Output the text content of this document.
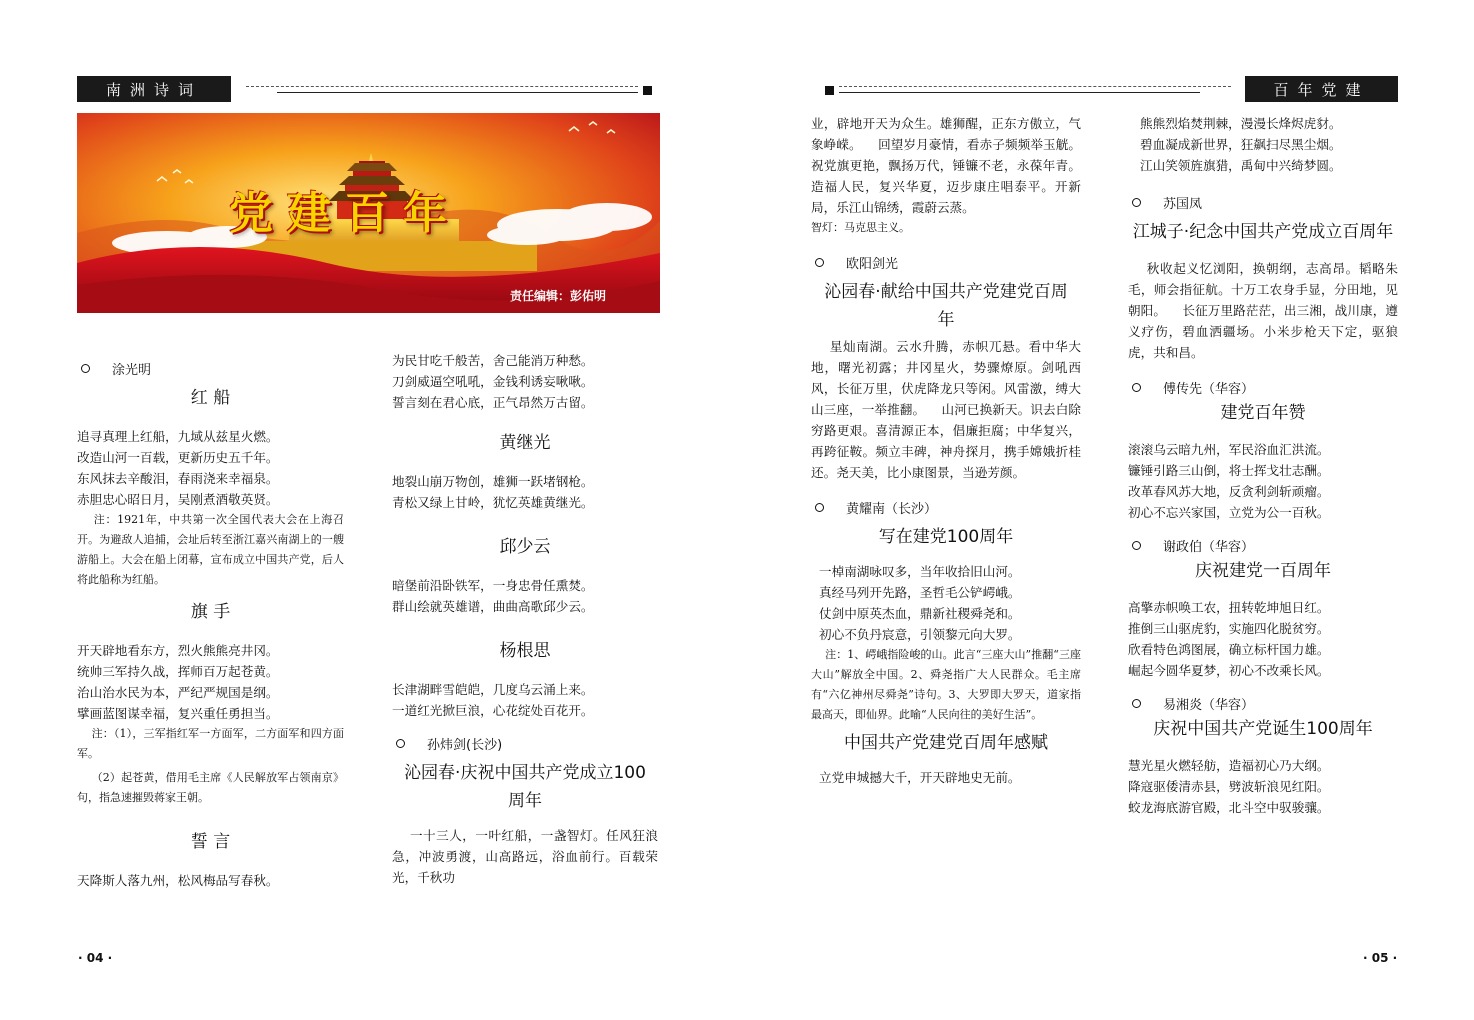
南洲诗词
党建百年
责任编辑：彭佑明
涂光明
红 船
追寻真理上红船，九域从兹星火燃。
改造山河一百载，更新历史五千年。
东风抹去辛酸泪，春雨浇来幸福泉。
赤胆忠心昭日月，吴刚煮酒敬英贤。
注：1921年，中共第一次全国代表大会在上海召开。为避敌人追捕，会址后转至浙江嘉兴南湖上的一艘游船上。大会在船上闭幕，宣布成立中国共产党，后人将此船称为红船。
旗 手
开天辟地看东方，烈火熊熊亮井冈。
统帅三军持久战，挥师百万起苍黄。
治山治水民为本，严纪严规国是纲。
擘画蓝图谋幸福，复兴重任勇担当。
注：（1），三军指红军一方面军，二方面军和四方面军。
（2）起苍黄，借用毛主席《人民解放军占领南京》句，指急速摧毁蒋家王朝。
誓 言
天降斯人落九州，松风梅品写春秋。
为民甘吃千般苦，舍己能消万种愁。
刀剑威逼空吼吼，金钱利诱妄啾啾。
誓言刻在君心底，正气昂然万古留。
黄继光
地裂山崩万物创，雄狮一跃堵钢枪。
青松又绿上甘岭，犹忆英雄黄继光。
邱少云
暗堡前沿卧铁军，一身忠骨任熏焚。
群山绘就英雄谱，曲曲高歌邱少云。
杨根思
长津湖畔雪皑皑，几度乌云涌上来。
一道红光掀巨浪，心花绽处百花开。
孙炜剑(长沙)
沁园春·庆祝中国共产党成立100周年
一十三人，一叶红船，一盏智灯。任风狂浪急，冲波勇渡，山高路远，浴血前行。百载荣光，千秋功
· 04 ·
百年党建
业，辟地开天为众生。雄狮醒，正东方傲立，气象峥嵘。    回望岁月豪情，看赤子频频举玉觥。祝党旗更艳，飘扬万代，锤镰不老，永葆年青。造福人民，复兴华夏，迈步康庄唱泰平。开新局，乐江山锦绣，霞蔚云蒸。
智灯：马克思主义。
欧阳剑光
沁园春·献给中国共产党建党百周年
星灿南湖。云水升腾，赤帜兀悬。看中华大地，曙光初露；井冈星火，势骤燎原。剑吼西风，长征万里，伏虎降龙只等闲。风雷激，缚大山三座，一举推翻。    山河已换新天。识去白除穷路更艰。喜清源正本，倡廉拒腐；中华复兴，再跨征鞍。频立丰碑，神舟探月，携手嫦娥折桂还。尧天美，比小康图景，当逊芳颜。
黄耀南（长沙）
写在建党100周年
一棹南湖咏叹多，当年收拾旧山河。
真经马列开先路，圣哲毛公铲崿峨。
仗剑中原英杰血，鼎新社稷舜尧和。
初心不负丹宸意，引领黎元向大罗。
注：1、崿峨指险峻的山。此言“三座大山”推翻“三座大山”解放全中国。2、舜尧指广大人民群众。毛主席有“六亿神州尽舜尧”诗句。3、大罗即大罗天，道家指最高天，即仙界。此喻“人民向往的美好生活”。
中国共产党建党百周年感赋
立党申城撼大千，开天辟地史无前。
熊熊烈焰焚荆棘，漫漫长烽烬虎豺。
碧血凝成新世界，狂飙扫尽黑尘烟。
江山笑领旌旗猎，禹甸中兴绮梦圆。
苏国凤
江城子·纪念中国共产党成立百周年
秋收起义忆浏阳，换朝纲，志高昂。韬略朱毛，师会指征航。十万工农身手显，分田地，见朝阳。    长征万里路茫茫，出三湘，战川康，遵义疗伤，碧血洒疆场。小米步枪天下定，驱狼虎，共和昌。
傅传先（华容）
建党百年赞
滚滚乌云暗九州，军民浴血汇洪流。
镰锤引路三山倒，将士挥戈壮志酬。
改革春风苏大地，反贪利剑斩顽瘤。
初心不忘兴家国，立党为公一百秋。
谢政伯（华容）
庆祝建党一百周年
高擎赤帜唤工农，扭转乾坤旭日红。
推倒三山驱虎豹，实施四化脱贫穷。
欣看特色鸿图展，确立标杆国力雄。
崛起今圆华夏梦，初心不改乘长风。
易湘炎（华容）
庆祝中国共产党诞生100周年
慧光星火燃轻舫，造福初心乃大纲。
降寇驱倭清赤县，劈波斩浪见红阳。
蛟龙海底游官殿，北斗空中驭骏骧。
· 05 ·
